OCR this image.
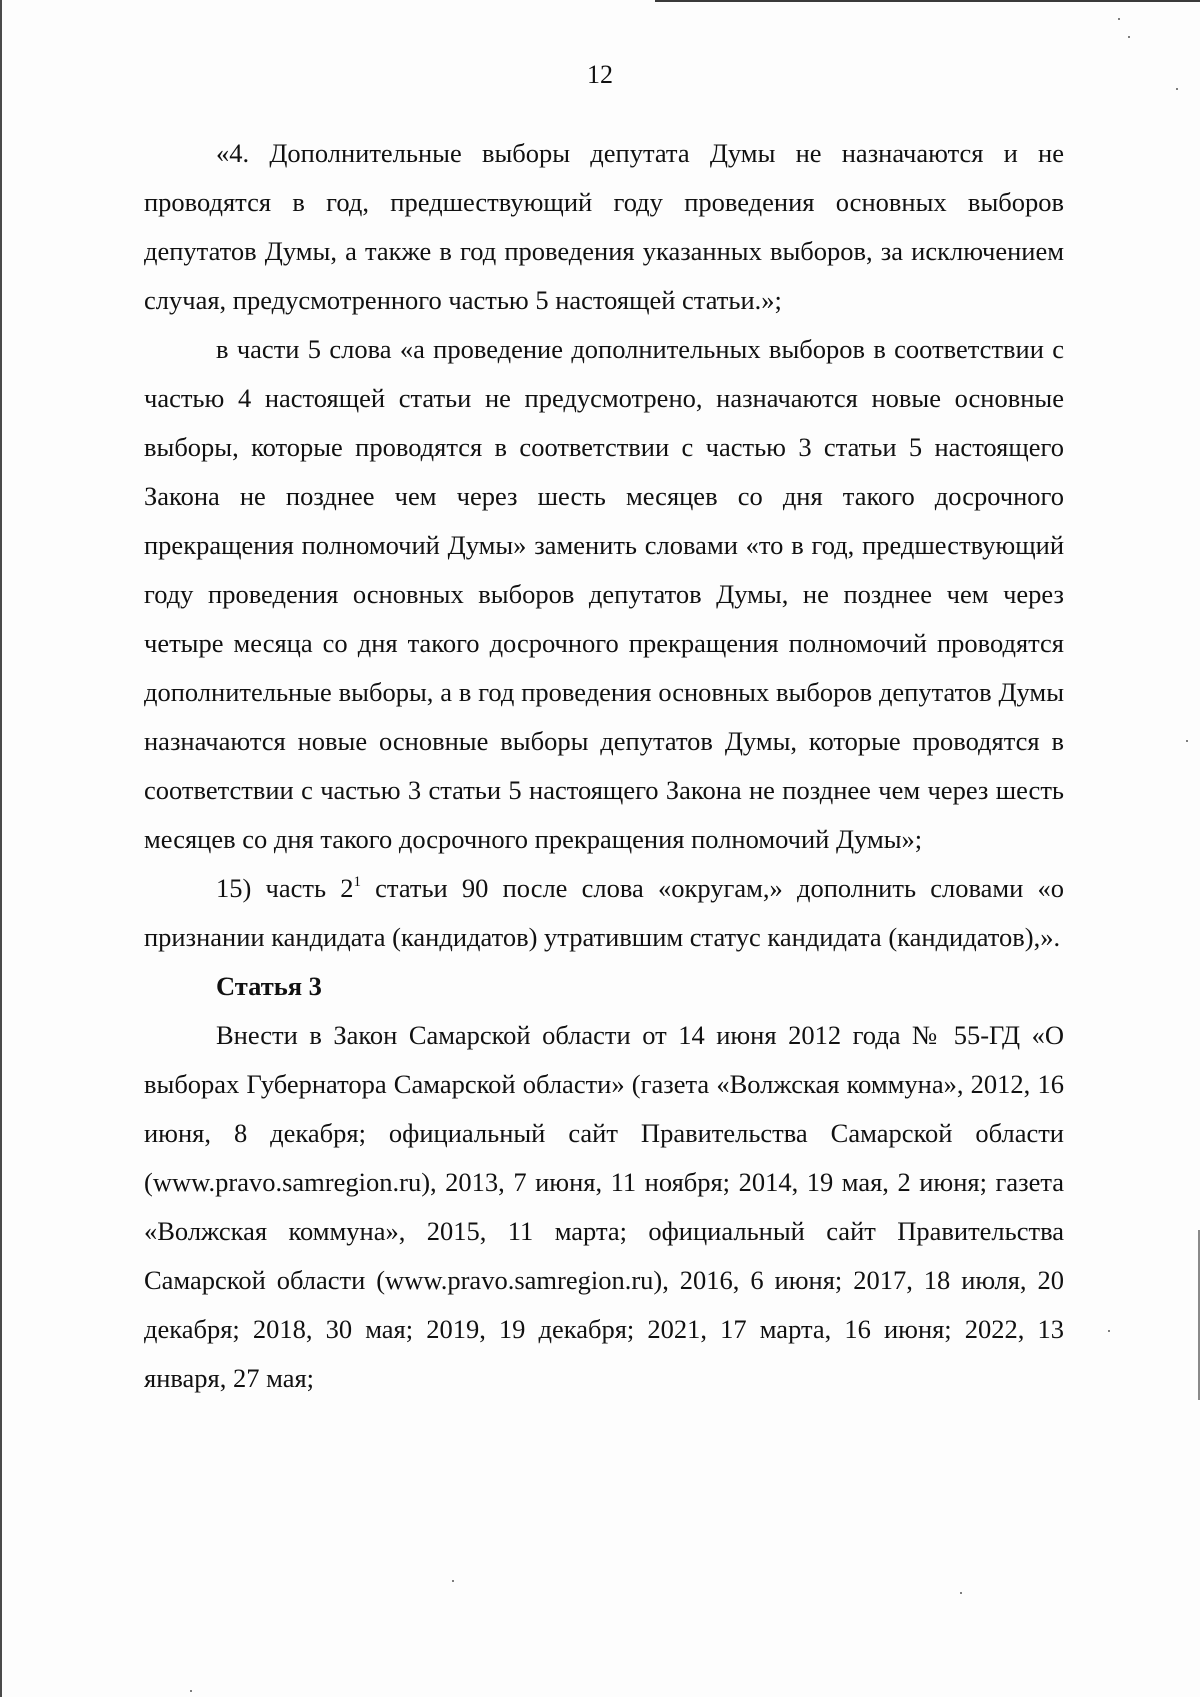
12

«4. Дополнительные выборы депутата Думы не назначаются и не проводятся в год, предшествующий году проведения основных выборов депутатов Думы, а также в год проведения указанных выборов, за исключением случая, предусмотренного частью 5 настоящей статьи.»;

в части 5 слова «а проведение дополнительных выборов в соответствии с частью 4 настоящей статьи не предусмотрено, назначаются новые основные выборы, которые проводятся в соответствии с частью 3 статьи 5 настоящего Закона не позднее чем через шесть месяцев со дня такого досрочного прекращения полномочий Думы» заменить словами «то в год, предшествующий году проведения основных выборов депутатов Думы, не позднее чем через четыре месяца со дня такого досрочного прекращения полномочий проводятся дополнительные выборы, а в год проведения основных выборов депутатов Думы назначаются новые основные выборы депутатов Думы, которые проводятся в соответствии с частью 3 статьи 5 настоящего Закона не позднее чем через шесть месяцев со дня такого досрочного прекращения полномочий Думы»;

15) часть $2^1$ статьи 90 после слова «округам,» дополнить словами «о признании кандидата (кандидатов) утратившим статус кандидата (кандидатов),».

Статья 3

Внести в Закон Самарской области от 14 июня 2012 года № 55-ГД «О выборах Губернатора Самарской области» (газета «Волжская коммуна», 2012, 16 июня, 8 декабря; официальный сайт Правительства Самарской области (www.pravo.samregion.ru), 2013, 7 июня, 11 ноября; 2014, 19 мая, 2 июня; газета «Волжская коммуна», 2015, 11 марта; официальный сайт Правительства Самарской области (www.pravo.samregion.ru), 2016, 6 июня; 2017, 18 июля, 20 декабря; 2018, 30 мая; 2019, 19 декабря; 2021, 17 марта, 16 июня; 2022, 13 января, 27 мая;
